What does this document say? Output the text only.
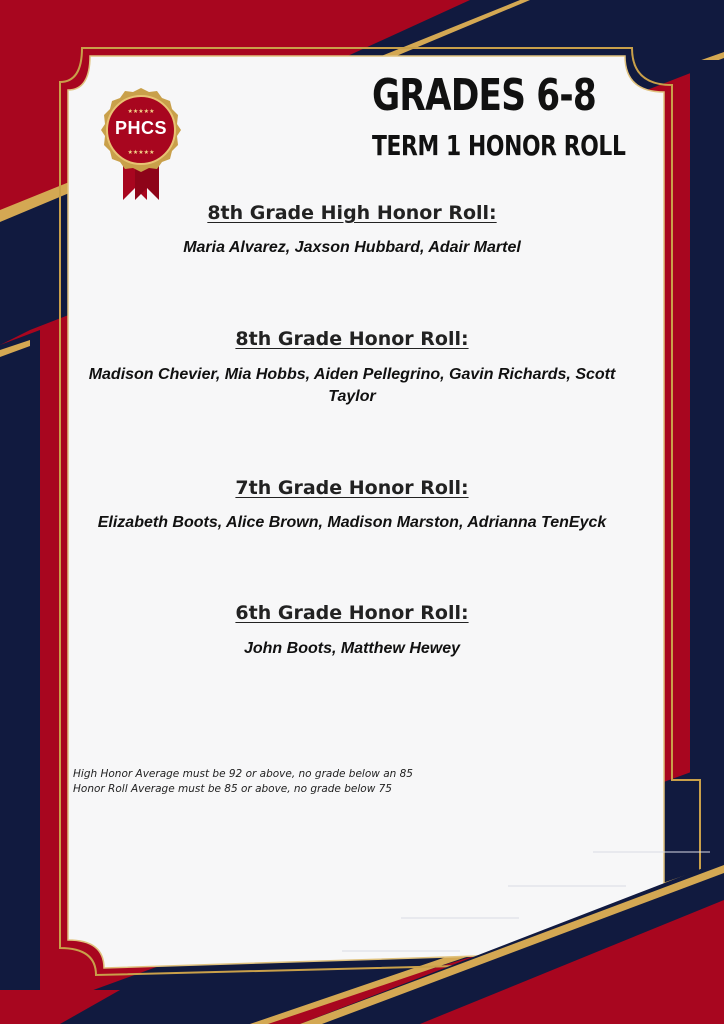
★★★★★
★★★★★
PHCS
GRADES 6-8
TERM 1 HONOR ROLL
8th Grade High Honor Roll:

Maria Alvarez, Jaxson Hubbard, Adair Martel

8th Grade Honor Roll:

Madison Chevier, Mia Hobbs, Aiden Pellegrino, Gavin Richards, Scott Taylor

7th Grade Honor Roll:

Elizabeth Boots, Alice Brown, Madison Marston, Adrianna TenEyck

6th Grade Honor Roll:

John Boots, Matthew Hewey

High Honor Average must be 92 or above, no grade below an 85
Honor Roll Average must be 85 or above, no grade below 75
